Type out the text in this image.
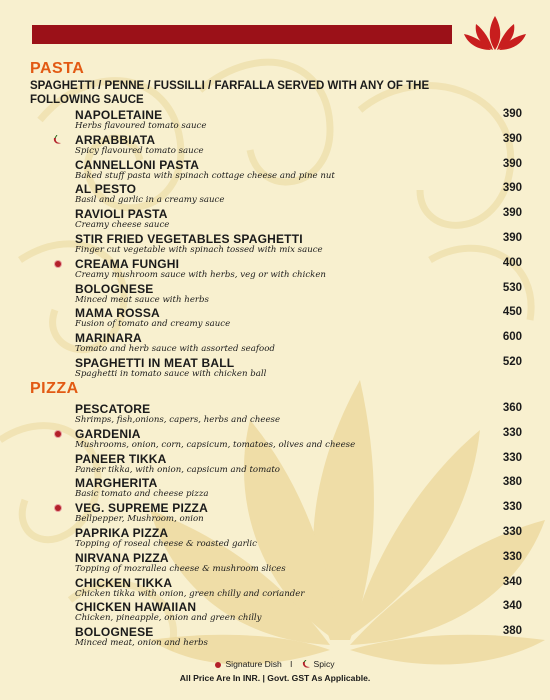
PASTA
SPAGHETTI / PENNE / FUSSILLI / FARFALLA SERVED WITH ANY OF THE FOLLOWING SAUCE
NAPOLETAINE
Herbs flavoured tomato sauce
390
ARRABBIATA
Spicy flavoured tomato sauce
390
CANNELLONI PASTA
Baked stuff pasta with spinach cottage cheese and pine nut
390
AL PESTO
Basil and garlic in a creamy sauce
390
RAVIOLI PASTA
Creamy cheese sauce
390
STIR FRIED VEGETABLES SPAGHETTI
Finger cut vegetable with spinach tossed with mix sauce
390
CREAMA FUNGHI
Creamy mushroom sauce with herbs, veg or with chicken
400
BOLOGNESE
Minced meat sauce with herbs
530
MAMA ROSSA
Fusion of tomato and creamy sauce
450
MARINARA
Tomato and herb sauce with assorted seafood
600
SPAGHETTI IN MEAT BALL
Spaghetti in tomato sauce with chicken ball
520
PIZZA
PESCATORE
Shrimps, fish,onions, capers, herbs and cheese
360
GARDENIA
Mushrooms, onion, corn, capsicum, tomatoes, olives and cheese
330
PANEER TIKKA
Paneer tikka, with onion, capsicum and tomato
330
MARGHERITA
Basic tomato and cheese pizza
380
VEG. SUPREME PIZZA
Bellpepper, Mushroom, onion
330
PAPRIKA PIZZA
Topping of roseal cheese & roasted garlic
330
NIRVANA PIZZA
Topping of mozrallea cheese & mushroom slices
330
CHICKEN TIKKA
Chicken tikka with onion, green chilly and coriander
340
CHICKEN HAWAIIAN
Chicken, pineapple, onion and green chilly
340
BOLOGNESE
Minced meat, onion and herbs
380
Signature Dish l Spicy
All Price Are In INR. | Govt. GST As Applicable.
